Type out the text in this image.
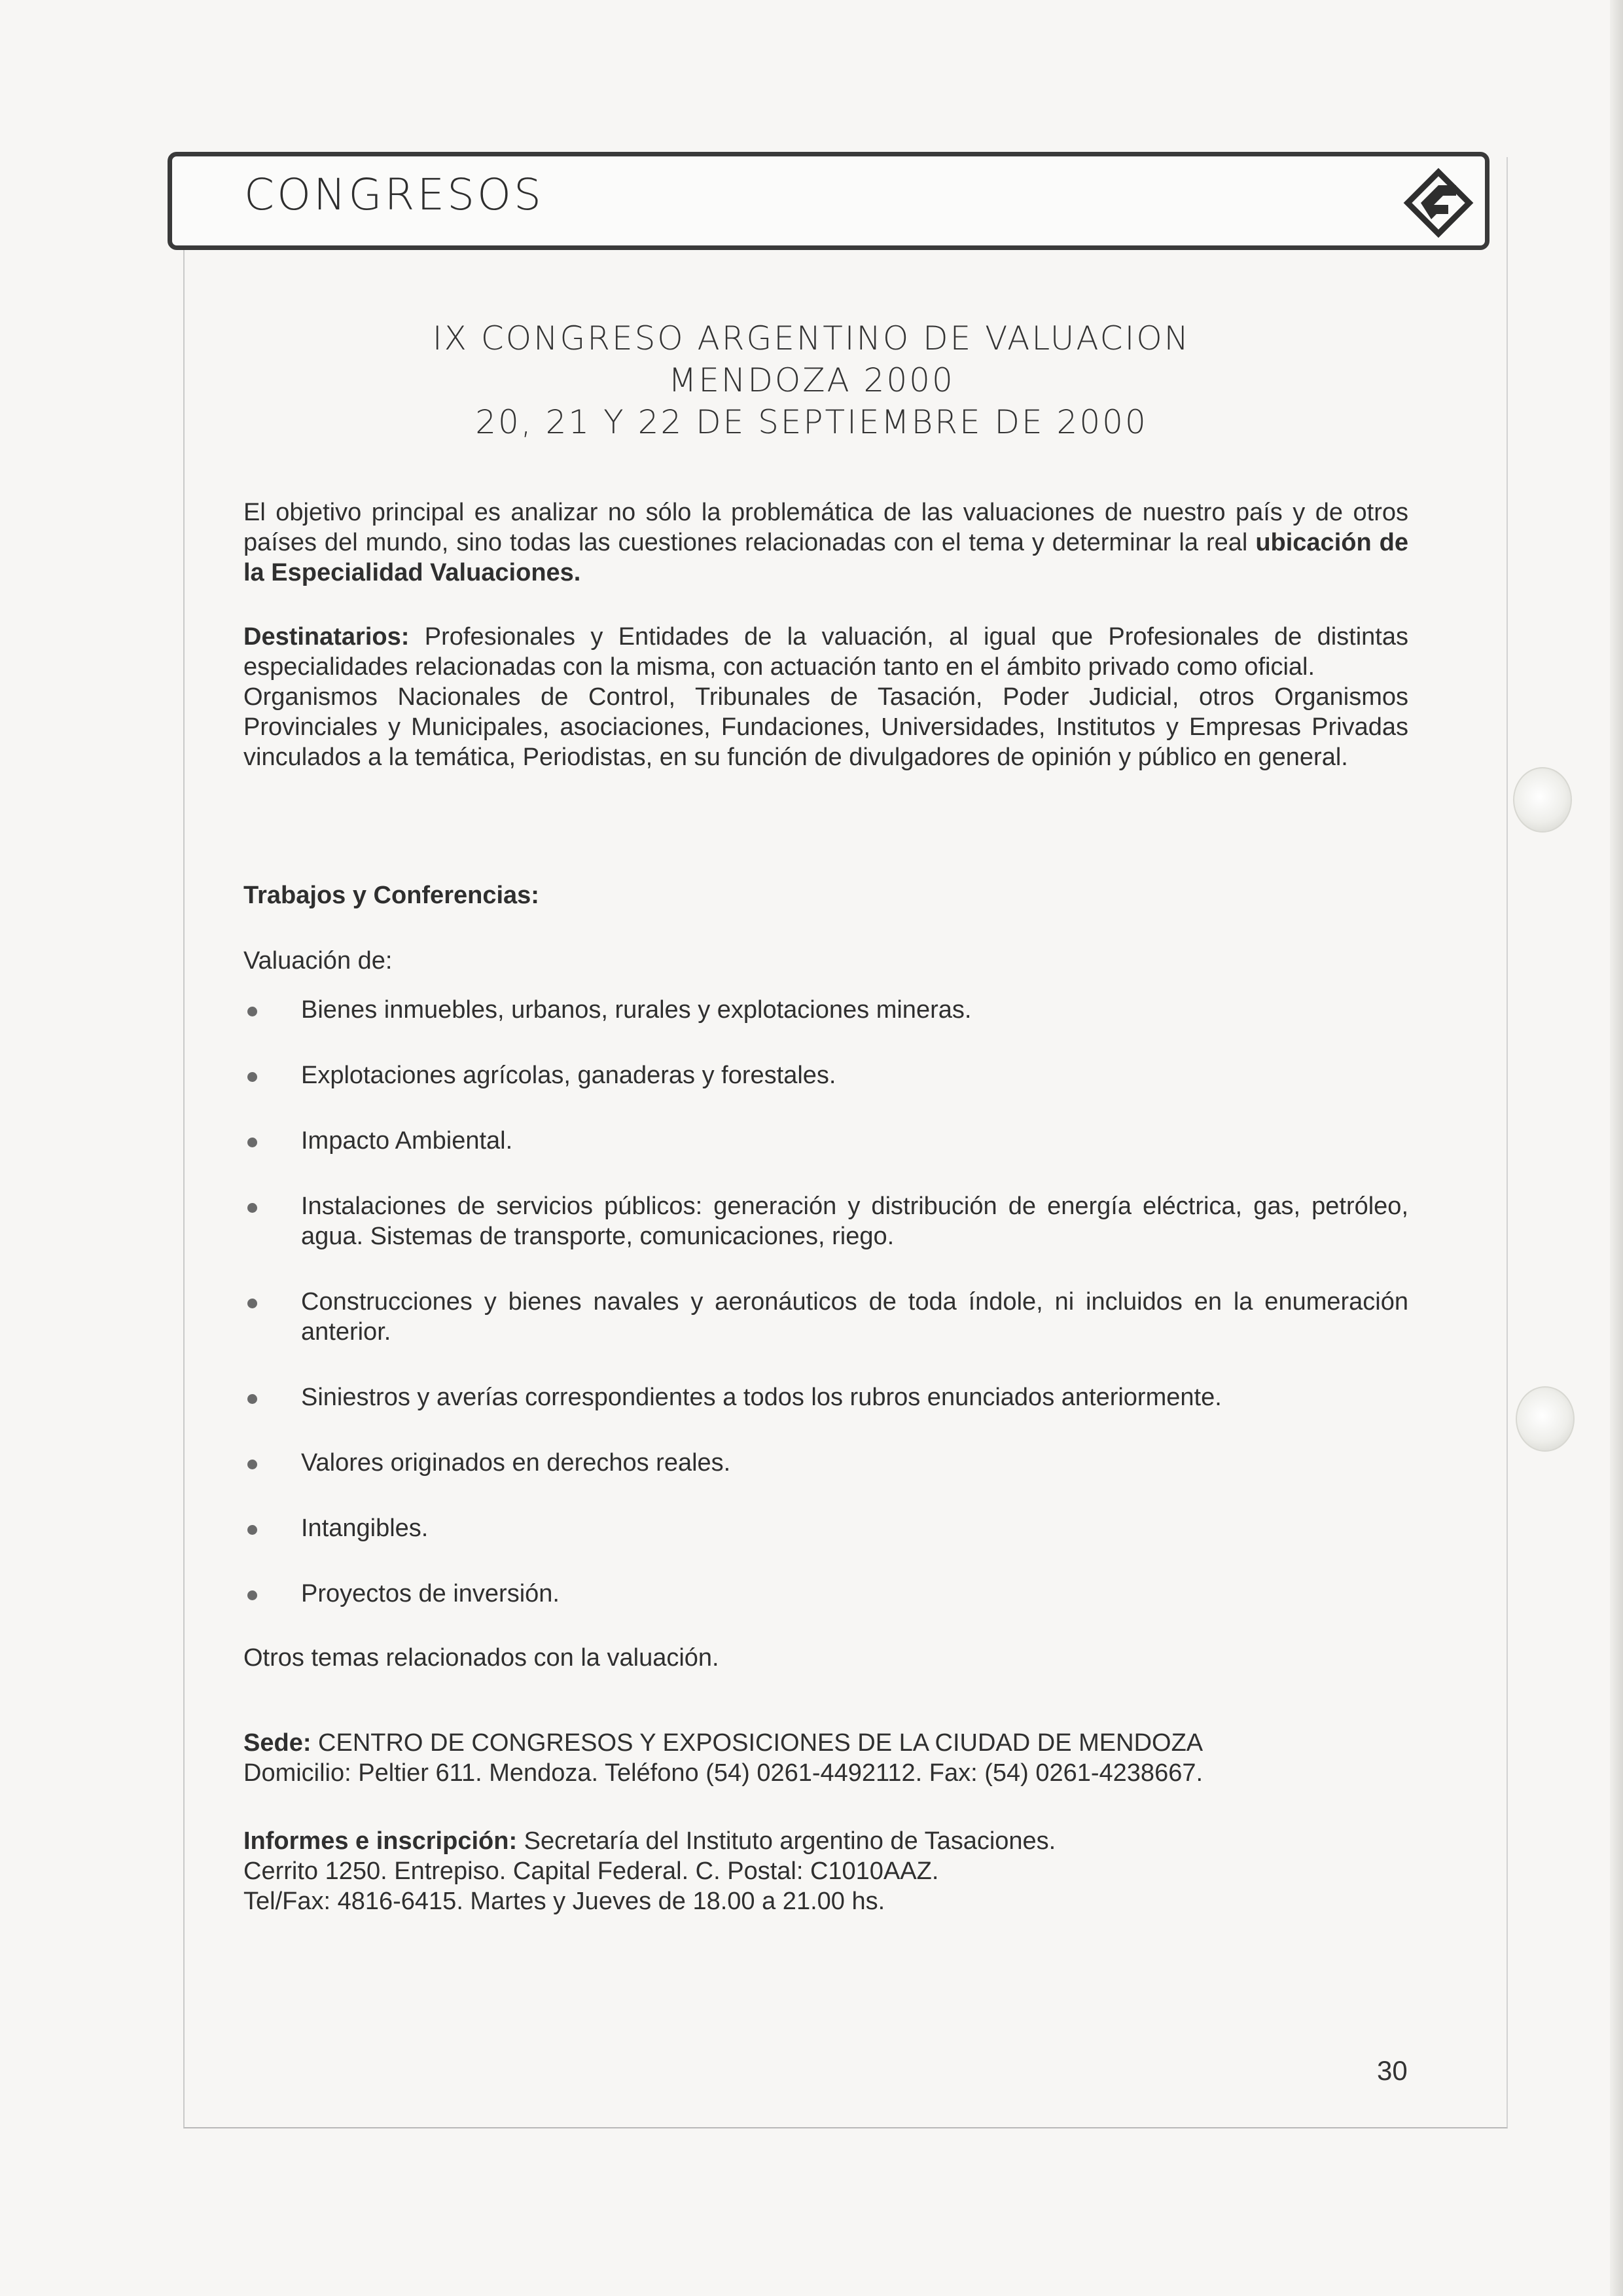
CONGRESOS
IX CONGRESO ARGENTINO DE VALUACION
MENDOZA 2000
20, 21 Y 22 DE SEPTIEMBRE DE 2000
El objetivo principal es analizar no sólo la problemática de las valuaciones de nuestro país y de otros países del mundo, sino todas las cuestiones relacionadas con el tema y determinar la real ubicación de la Especialidad Valuaciones.
Destinatarios: Profesionales y Entidades de la valuación, al igual que Profesionales de distintas especialidades relacionadas con la misma, con actuación tanto en el ámbito privado como oficial.
Organismos Nacionales de Control, Tribunales de Tasación, Poder Judicial, otros Organismos Provinciales y Municipales, asociaciones, Fundaciones, Universidades, Institutos y Empresas Privadas vinculados a la temática, Periodistas, en su función de divulgadores de opinión y público en general.
Trabajos y Conferencias:
Valuación de:
Bienes inmuebles, urbanos, rurales y explotaciones mineras.
Explotaciones agrícolas, ganaderas y forestales.
Impacto Ambiental.
Instalaciones de servicios públicos: generación y distribución de energía eléctrica, gas, petróleo, agua. Sistemas de transporte, comunicaciones, riego.
Construcciones y bienes navales y aeronáuticos de toda índole, ni incluidos en la enumeración anterior.
Siniestros y averías correspondientes a todos los rubros enunciados anteriormente.
Valores originados en derechos reales.
Intangibles.
Proyectos de inversión.
Otros temas relacionados con la valuación.
Sede: CENTRO DE CONGRESOS Y EXPOSICIONES DE LA CIUDAD DE MENDOZA
Domicilio: Peltier 611. Mendoza. Teléfono (54) 0261-4492112. Fax: (54) 0261-4238667.
Informes e inscripción: Secretaría del Instituto argentino de Tasaciones.
Cerrito 1250. Entrepiso. Capital Federal. C. Postal: C1010AAZ.
Tel/Fax: 4816-6415. Martes y Jueves de 18.00 a 21.00 hs.
30
